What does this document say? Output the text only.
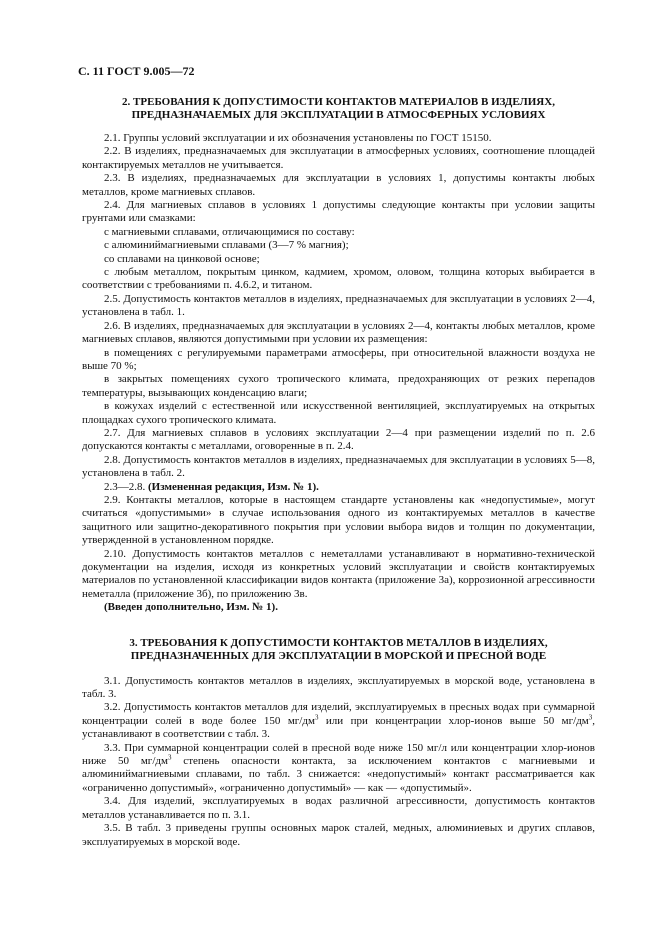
С. 11 ГОСТ 9.005—72
2. ТРЕБОВАНИЯ К ДОПУСТИМОСТИ КОНТАКТОВ МАТЕРИАЛОВ В ИЗДЕЛИЯХ,
ПРЕДНАЗНАЧАЕМЫХ ДЛЯ ЭКСПЛУАТАЦИИ В АТМОСФЕРНЫХ УСЛОВИЯХ

2.1. Группы условий эксплуатации и их обозначения установлены по ГОСТ 15150.

2.2. В изделиях, предназначаемых для эксплуатации в атмосферных условиях, соотношение площадей контактируемых металлов не учитывается.

2.3. В изделиях, предназначаемых для эксплуатации в условиях 1, допустимы контакты любых металлов, кроме магниевых сплавов.

2.4. Для магниевых сплавов в условиях 1 допустимы следующие контакты при условии защиты грунтами или смазками:

с магниевыми сплавами, отличающимися по составу:

с алюминиймагниевыми сплавами (3—7 % магния);

со сплавами на цинковой основе;

с любым металлом, покрытым цинком, кадмием, хромом, оловом, толщина которых выбирается в соответствии с требованиями п. 4.6.2, и титаном.

2.5. Допустимость контактов металлов в изделиях, предназначаемых для эксплуатации в условиях 2—4, установлена в табл. 1.

2.6. В изделиях, предназначаемых для эксплуатации в условиях 2—4, контакты любых металлов, кроме магниевых сплавов, являются допустимыми при условии их размещения:

в помещениях с регулируемыми параметрами атмосферы, при относительной влажности воздуха не выше 70 %;

в закрытых помещениях сухого тропического климата, предохраняющих от резких перепадов температуры, вызывающих конденсацию влаги;

в кожухах изделий с естественной или искусственной вентиляцией, эксплуатируемых на открытых площадках сухого тропического климата.

2.7. Для магниевых сплавов в условиях эксплуатации 2—4 при размещении изделий по п. 2.6 допускаются контакты с металлами, оговоренные в п. 2.4.

2.8. Допустимость контактов металлов в изделиях, предназначаемых для эксплуатации в условиях 5—8, установлена в табл. 2.

2.3—2.8. (Измененная редакция, Изм. № 1).

2.9. Контакты металлов, которые в настоящем стандарте установлены как «недопустимые», могут считаться «допустимыми» в случае использования одного из контактируемых металлов в качестве защитного или защитно-декоративного покрытия при условии выбора видов и толщин по документации, утвержденной в установленном порядке.

2.10. Допустимость контактов металлов с неметаллами устанавливают в нормативно-технической документации на изделия, исходя из конкретных условий эксплуатации и свойств контактируемых материалов по установленной классификации видов контакта (приложение 3а), коррозионной агрессивности неметалла (приложение 3б), по приложению 3в.

(Введен дополнительно, Изм. № 1).

3. ТРЕБОВАНИЯ К ДОПУСТИМОСТИ КОНТАКТОВ МЕТАЛЛОВ В ИЗДЕЛИЯХ,
ПРЕДНАЗНАЧЕННЫХ ДЛЯ ЭКСПЛУАТАЦИИ В МОРСКОЙ И ПРЕСНОЙ ВОДЕ

3.1. Допустимость контактов металлов в изделиях, эксплуатируемых в морской воде, установлена в табл. 3.

3.2. Допустимость контактов металлов для изделий, эксплуатируемых в пресных водах при суммарной концентрации солей в воде более 150 $мг/дм^3$ или при концентрации хлор-ионов выше 50 $мг/дм^3$, устанавливают в соответствии с табл. 3.

3.3. При суммарной концентрации солей в пресной воде ниже 150 мг/л или концентрации хлор-ионов ниже 50 $мг/дм^3$ степень опасности контакта, за исключением контактов с магниевыми и алюминиймагниевыми сплавами, по табл. 3 снижается: «недопустимый» контакт рассматривается как «ограниченно допустимый», «ограниченно допустимый» — как — «допустимый».

3.4. Для изделий, эксплуатируемых в водах различной агрессивности, допустимость контактов металлов устанавливается по п. 3.1.

3.5. В табл. 3 приведены группы основных марок сталей, медных, алюминиевых и других сплавов, эксплуатируемых в морской воде.
